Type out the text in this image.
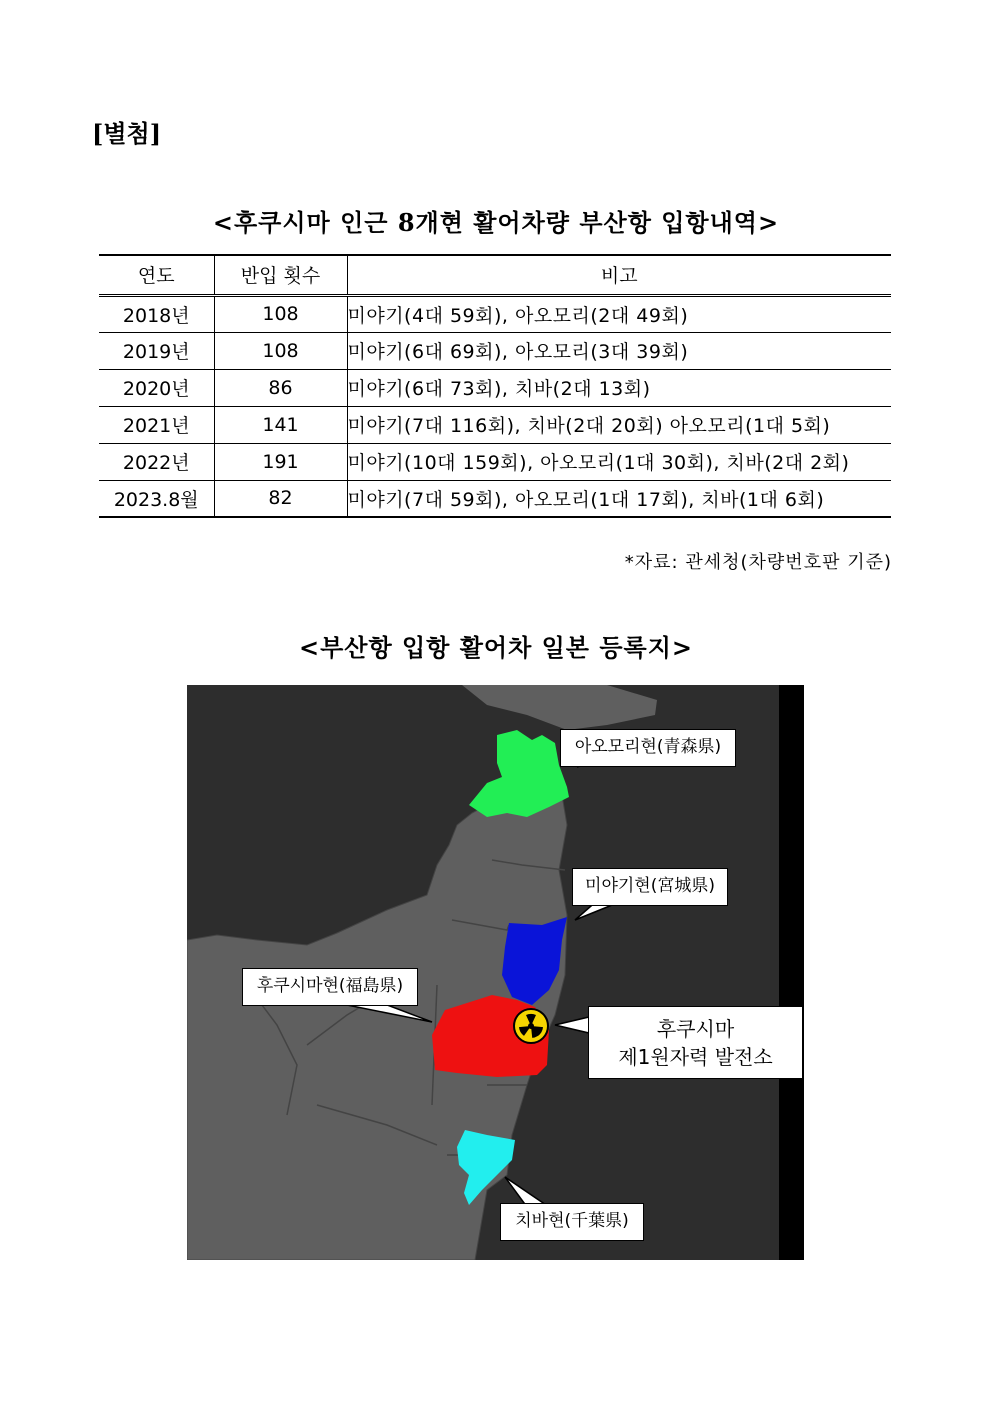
[별첨]
<후쿠시마 인근 8개현 활어차량 부산항 입항내역>
연도	반입 횟수	비고
2018년	108	미야기(4대 59회), 아오모리(2대 49회)
2019년	108	미야기(6대 69회), 아오모리(3대 39회)
2020년	86	미야기(6대 73회), 치바(2대 13회)
2021년	141	미야기(7대 116회), 치바(2대 20회) 아오모리(1대 5회)
2022년	191	미야기(10대 159회), 아오모리(1대 30회), 치바(2대 2회)
2023.8월	82	미야기(7대 59회), 아오모리(1대 17회), 치바(1대 6회)
*자료: 관세청(차량번호판 기준)
<부산항 입항 활어차 일본 등록지>
아오모리현(青森県)
미야기현(宮城県)
후쿠시마현(福島県)
후쿠시마
제1원자력 발전소
치바현(千葉県)
